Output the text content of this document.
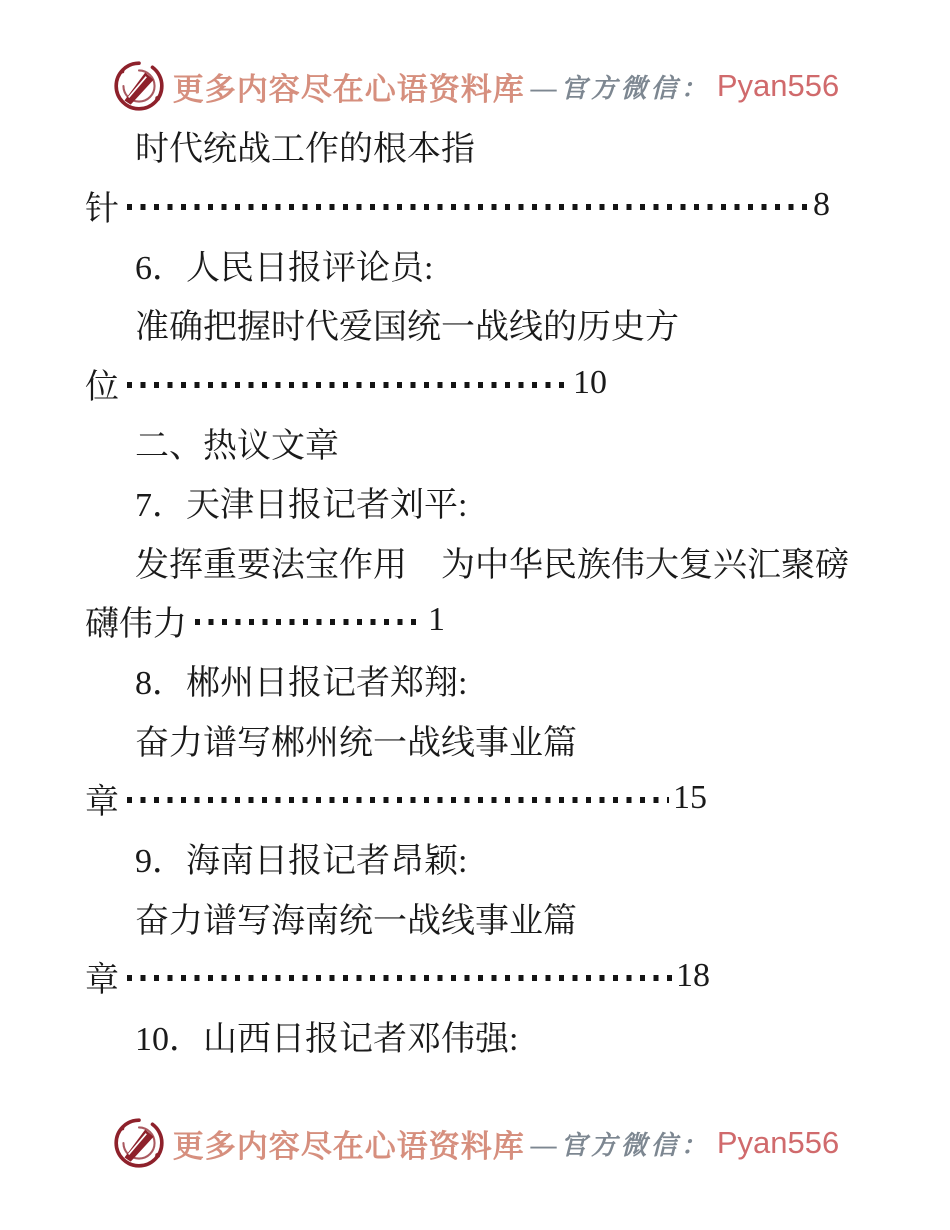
更多内容尽在心语资料库 —官方微信： Pyan556
时代统战工作的根本指
针	8
6．人民日报评论员:
准确把握时代爱国统一战线的历史方
位	10
二、热议文章
7．天津日报记者刘平:
发挥重要法宝作用　为中华民族伟大复兴汇聚磅
礴伟力	1
8．郴州日报记者郑翔:
奋力谱写郴州统一战线事业篇
章	15
9．海南日报记者昂颖:
奋力谱写海南统一战线事业篇
章	18
10．山西日报记者邓伟强:
更多内容尽在心语资料库 —官方微信： Pyan556
